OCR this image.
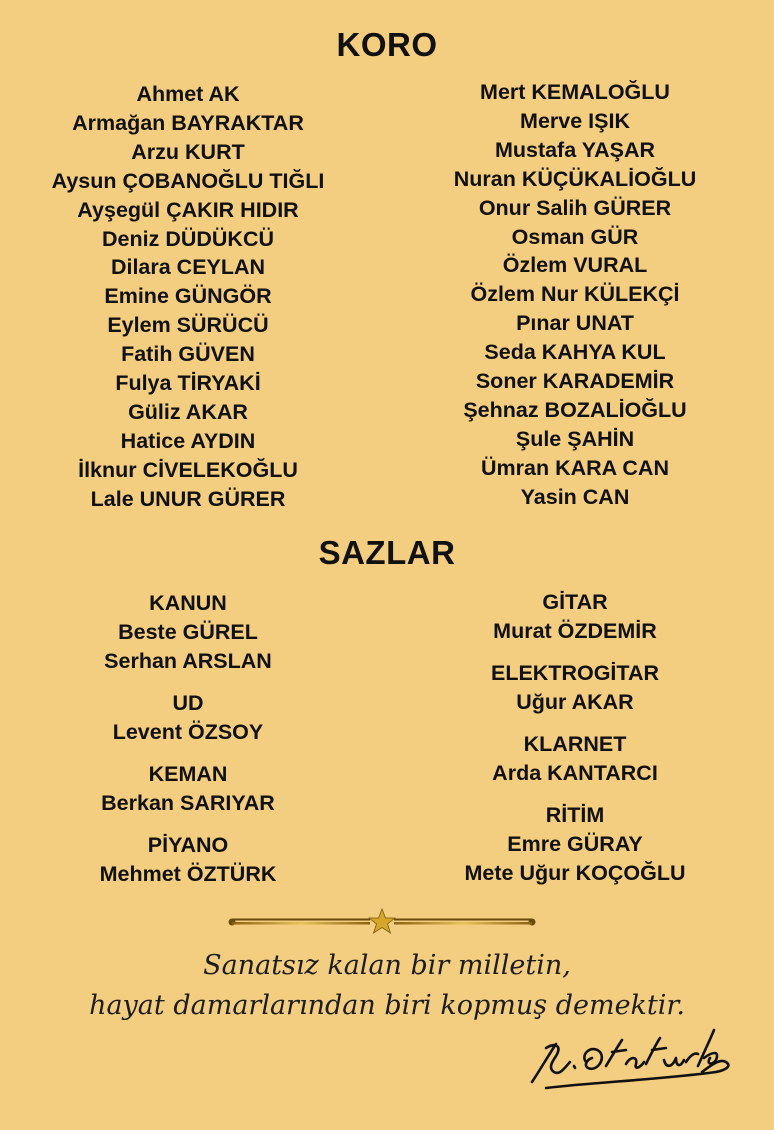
KORO
Ahmet AK
Armağan BAYRAKTAR
Arzu KURT
Aysun ÇOBANOĞLU TIĞLI
Ayşegül ÇAKIR HIDIR
Deniz DÜDÜKCÜ
Dilara CEYLAN
Emine GÜNGÖR
Eylem SÜRÜCÜ
Fatih GÜVEN
Fulya TİRYAKİ
Güliz AKAR
Hatice AYDIN
İlknur CİVELEKOĞLU
Lale UNUR GÜRER
Mert KEMALOĞLU
Merve IŞIK
Mustafa YAŞAR
Nuran KÜÇÜKALİOĞLU
Onur Salih GÜRER
Osman GÜR
Özlem VURAL
Özlem Nur KÜLEKÇİ
Pınar UNAT
Seda KAHYA KUL
Soner KARADEMİR
Şehnaz BOZALİOĞLU
Şule ŞAHİN
Ümran KARA CAN
Yasin CAN
SAZLAR
KANUN
Beste GÜREL
Serhan ARSLAN
UD
Levent ÖZSOY
KEMAN
Berkan SARIYAR
PİYANO
Mehmet ÖZTÜRK
GİTAR
Murat ÖZDEMİR
ELEKTROGİTAR
Uğur AKAR
KLARNET
Arda KANTARCI
RİTİM
Emre GÜRAY
Mete Uğur KOÇOĞLU

Sanatsız kalan bir milletin,

hayat damarlarından biri kopmuş demektir.
